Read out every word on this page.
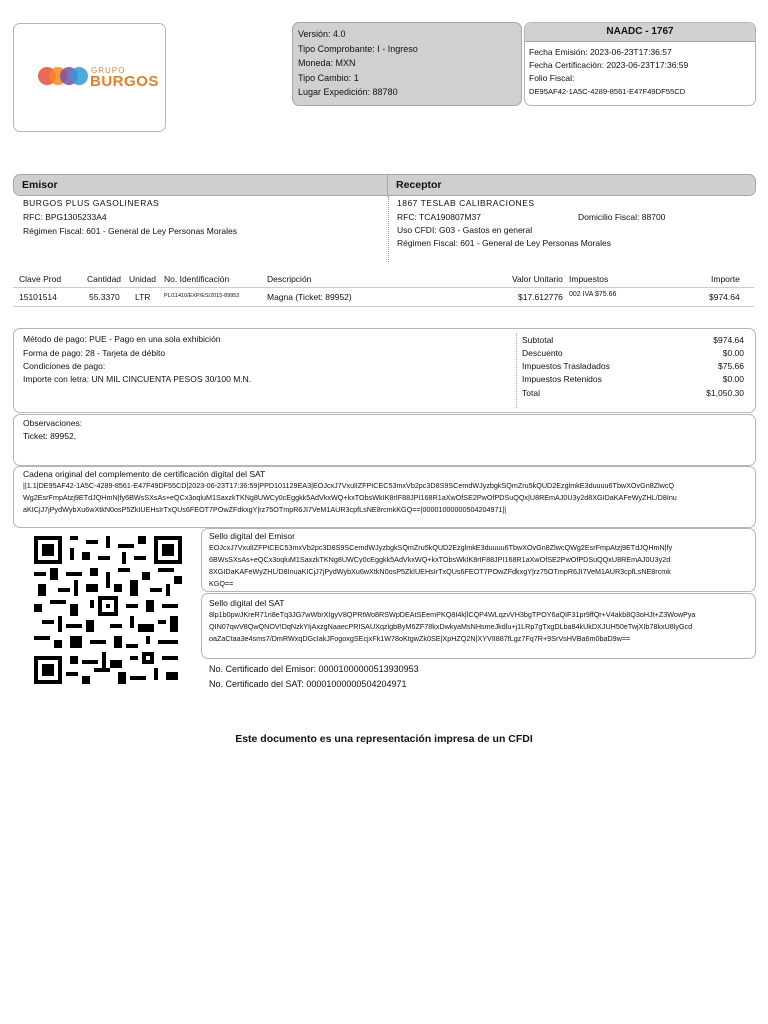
GRUPO
BURGOS
Versión: 4.0
Tipo Comprobante: I - Ingreso
Moneda: MXN
Tipo Cambio: 1
Lugar Expedición: 88780
NAADC - 1767
Fecha Emisión: 2023-06-23T17:36:57
Fecha Certificación: 2023-06-23T17:36:59
Folio Fiscal:
DE95AF42-1A5C-4289-8561-E47F49DF55CD
Emisor	Receptor
BURGOS PLUS GASOLINERAS
RFC: BPG1305233A4
Régimen Fiscal: 601 - General de Ley Personas Morales
1867 TESLAB CALIBRACIONES
RFC: TCA190807M37	Domicilio Fiscal: 88700
Uso CFDI: G03 - Gastos en general
Régimen Fiscal: 601 - General de Ley Personas Morales
Clave Prod	Cantidad Unidad No. Identificación	Descripción	Valor Unitario Impuestos	Importe
15101514	55.3370 LTR PL/11410/EXP/ES/2015-89952	Magna (Ticket: 89952)	$17.612776 002 IVA $75.66	$974.64
Método de pago: PUE - Pago en una sola exhibición
Forma de pago: 28 - Tarjeta de débito
Condiciones de pago:
Importe con letra: UN MIL CINCUENTA PESOS 30/100 M.N.
Subtotal	$974.64
Descuento	$0.00
Impuestos Trasladados	$75.66
Impuestos Retenidos	$0.00
Total	$1,050.30
Observaciones:
Ticket: 89952,
Cadena original del complemento de certificación digital del SAT
||1.1|DE95AF42-1A5C-4289-8561-E47F49DF55CD|2023-06-23T17:36:59|PPD101129EA3|EOJcxJ7VxulIZFPICEC53mxVb2pc3D8S9SCemdWJyzbgkSQmZru5kQUD2EzglmkE3duuuu6TbwXOvGn8ZlwcQWg2EsrFmpAtzj9ETdJQHmN|fy6BWsSXsAs+eQCx3oqluM1SaxzkTKNg8UWCy0cEggkk5AdVkxWQ+kxTObsWkIK8rIF88JPI168R1aXwOfSE2PwOfPDSuQQx|U8REmAJ0U3y2d8XGIDaKAFeWyZHL/D8InuaKICjJ7jPydWybXu6wXtkN0osP5ZkIUEHsIrTxQUs6FEOT7POwZFdkxgY|rz75OTmpR6JI7VeM1AUR3cpfLsNE8rcmkKGQ==|00001000000504204971||
Sello digital del Emisor
EOJcxJ7VxulIZFPICEC53mxVb2pc3D8S9SCemdWJyzbgkSQmZru5kQUD2EzglmkE3duuuu6TbwXOvGn8ZlwcQWg2EsrFmpAtzj9ETdJQHmN|fy6BWsSXsAs+eQCx3oqluM1SaxzkTKNg8UWCy0cEggkk5AdVkxWQ+kxTObsWkIK8rIF88JPI168R1aXwOfSE2PwOfPDSuQQxU8REmAJ0U3y2d8XGIDaKAFeWyZHL/D8InuaKICjJ7jPydWybXu6wXtkN0osP5ZkIUEHsIrTxQUs6FEOT7POwZFdkxgY|rz75OTmpR6JI7VeM1AUR3cpfLsNE8rcmkKGQ==
Sello digital del SAT
8lp1b0pwJKreR71ri8eTq3JG7wWbrXIgyV8QPRtWo8RSWpDEAtSEemPKQ8I4k|lCQP4WLqzvVH3bgTPOY6aQIF31pr9ffQr+V4akb8Q3oHJt+Z3WowPyaQIN07qwV8QwQNOV!DqNzkYIjAxzgNaaecPRISAUXqzlgbByM6ZF78kxDwkyaMsNHsmeJkdlu+j1LRp7gTxgDLba84kUkDXJUH50eTwjXIb78kxU8lyGcdoaZaCtaa3e4sms7/DmRWxqDGcIakJFogoxgSEcjxFk1W78oKtgwZk0SE|XpHZQ2N|XYVII887fLgz7Fq7R+9SrVsHVBa6m0baD9w==
No. Certificado del Emisor: 00001000000513930953
No. Certificado del SAT: 00001000000504204971
Este documento es una representación impresa de un CFDI
